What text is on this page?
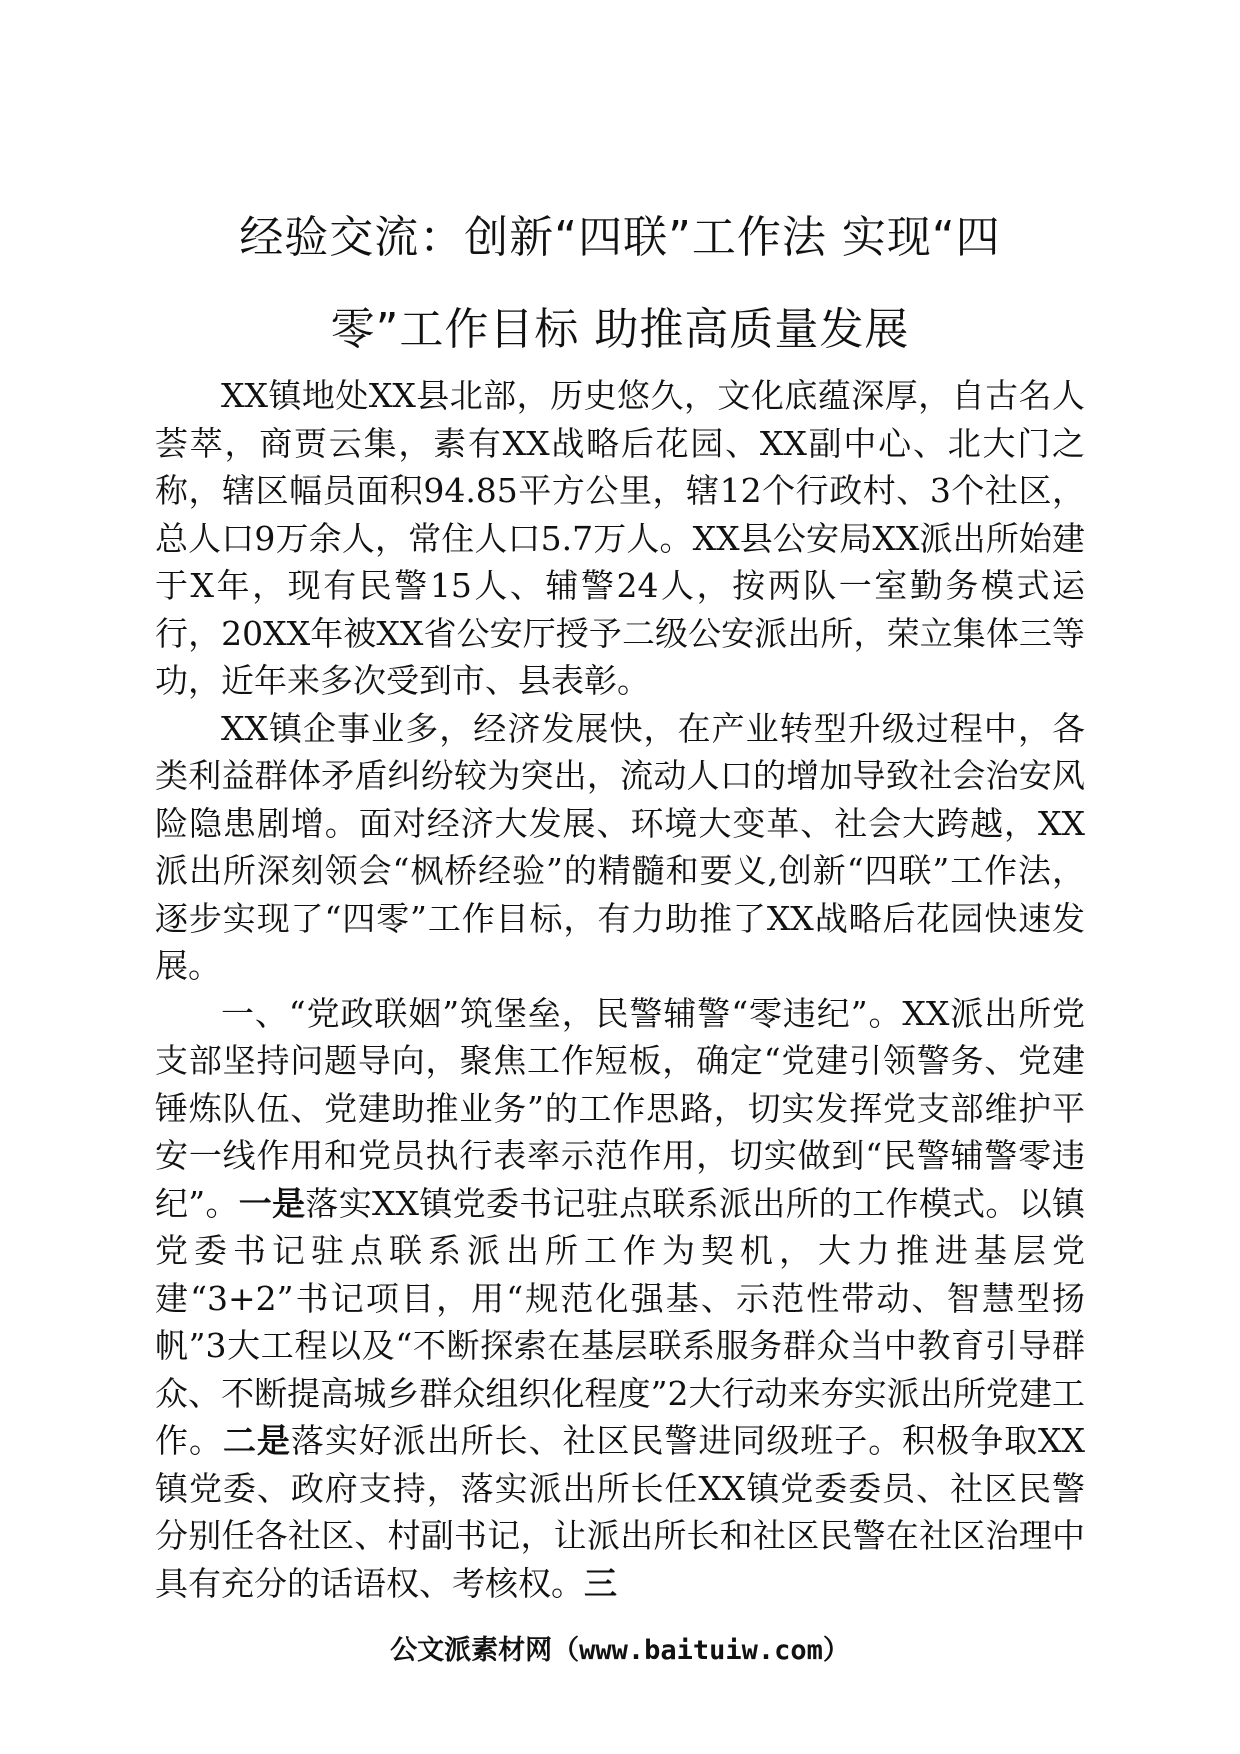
经验交流：创新“四联”工作法 实现“四
零”工作目标 助推高质量发展

XX镇地处XX县北部，历史悠久，文化底蕴深厚，自古名人荟萃，商贾云集，素有XX战略后花园、XX副中心、北大门之称，辖区幅员面积94.85平方公里，辖12个行政村、3个社区，总人口9万余人，常住人口5.7万人。XX县公安局XX派出所始建于X年，现有民警15人、辅警24人，按两队一室勤务模式运行，20XX年被XX省公安厅授予二级公安派出所，荣立集体三等功，近年来多次受到市、县表彰。

XX镇企事业多，经济发展快，在产业转型升级过程中，各类利益群体矛盾纠纷较为突出，流动人口的增加导致社会治安风险隐患剧增。面对经济大发展、环境大变革、社会大跨越，XX派出所深刻领会“枫桥经验”的精髓和要义,创新“四联”工作法，逐步实现了“四零”工作目标，有力助推了XX战略后花园快速发展。

一、“党政联姻”筑堡垒，民警辅警“零违纪”。XX派出所党支部坚持问题导向，聚焦工作短板，确定“党建引领警务、党建锤炼队伍、党建助推业务”的工作思路，切实发挥党支部维护平安一线作用和党员执行表率示范作用，切实做到“民警辅警零违纪”。一是落实XX镇党委书记驻点联系派出所的工作模式。以镇党委书记驻点联系派出所工作为契机，大力推进基层党建“3+2”书记项目，用“规范化强基、示范性带动、智慧型扬帆”3大工程以及“不断探索在基层联系服务群众当中教育引导群众、不断提高城乡群众组织化程度”2大行动来夯实派出所党建工作。二是落实好派出所长、社区民警进同级班子。积极争取XX镇党委、政府支持，落实派出所长任XX镇党委委员、社区民警分别任各社区、村副书记，让派出所长和社区民警在社区治理中具有充分的话语权、考核权。三

公文派素材网（www.baituiw.com）
